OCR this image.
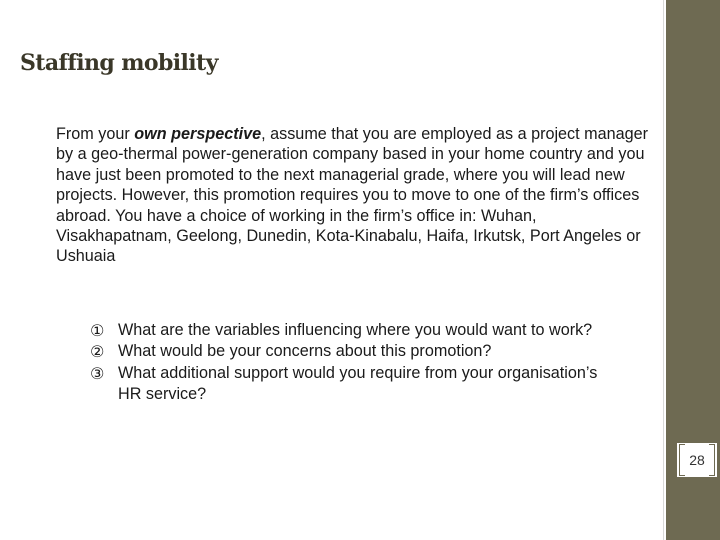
Staffing mobility
From your own perspective, assume that you are employed as a project manager by a geo-thermal power-generation company based in your home country and you have just been promoted to the next managerial grade, where you will lead new projects. However, this promotion requires you to move to one of the firm’s offices abroad. You have a choice of working in the firm’s office in: Wuhan, Visakhapatnam, Geelong, Dunedin, Kota-Kinabalu, Haifa, Irkutsk, Port Angeles or Ushuaia
① What are the variables influencing where you would want to work?
② What would be your concerns about this promotion?
③ What additional support would you require from your organisation’s HR service?
28
